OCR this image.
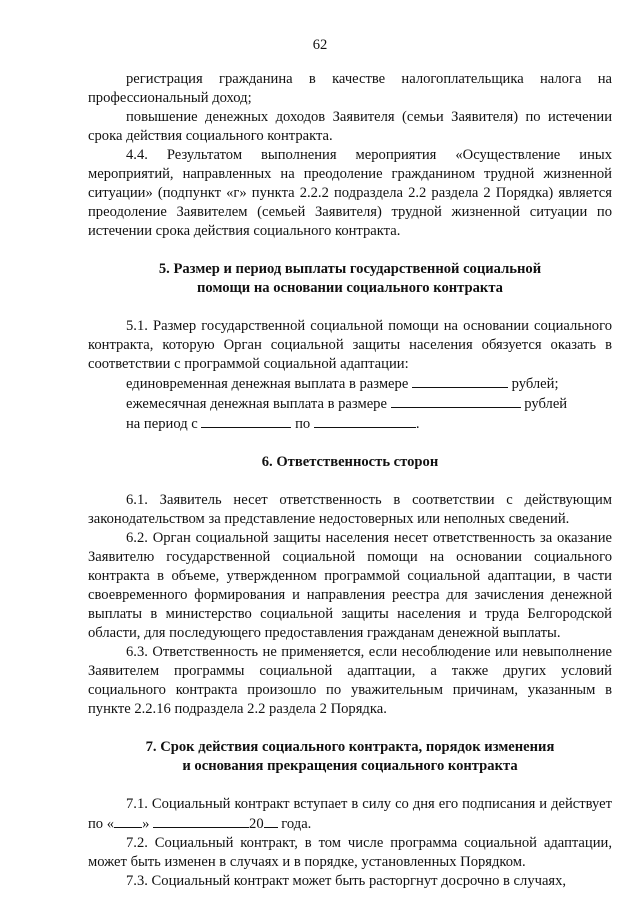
62

регистрация гражданина в качестве налогоплательщика налога на профессиональный доход;

повышение денежных доходов Заявителя (семьи Заявителя) по истечении срока действия социального контракта.

4.4. Результатом выполнения мероприятия «Осуществление иных мероприятий, направленных на преодоление гражданином трудной жизненной ситуации» (подпункт «г» пункта 2.2.2 подраздела 2.2 раздела 2 Порядка) является преодоление Заявителем (семьей Заявителя) трудной жизненной ситуации по истечении срока действия социального контракта.

5. Размер и период выплаты государственной социальной

помощи на основании социального контракта

5.1. Размер государственной социальной помощи на основании социального контракта, которую Орган социальной защиты населения обязуется оказать в соответствии с программой социальной адаптации:

единовременная денежная выплата в размере	рублей;

ежемесячная денежная выплата в размере	рублей

на период с	по	.

6. Ответственность сторон

6.1. Заявитель несет ответственность в соответствии с действующим законодательством за представление недостоверных или неполных сведений.

6.2. Орган социальной защиты населения несет ответственность за оказание Заявителю государственной социальной помощи на основании социального контракта в объеме, утвержденном программой социальной адаптации, в части своевременного формирования и направления реестра для зачисления денежной выплаты в министерство социальной защиты населения и труда Белгородской области, для последующего предоставления гражданам денежной выплаты.

6.3. Ответственность не применяется, если несоблюдение или невыполнение Заявителем программы социальной адаптации, а также других условий социального контракта произошло по уважительным причинам, указанным в пункте 2.2.16 подраздела 2.2 раздела 2 Порядка.

7. Срок действия социального контракта, порядок изменения

и основания прекращения социального контракта

7.1. Социальный контракт вступает в силу со дня его подписания и действует по « »	20 года.

7.2. Социальный контракт, в том числе программа социальной адаптации, может быть изменен в случаях и в порядке, установленных Порядком.

7.3. Социальный контракт может быть расторгнут досрочно в случаях,
